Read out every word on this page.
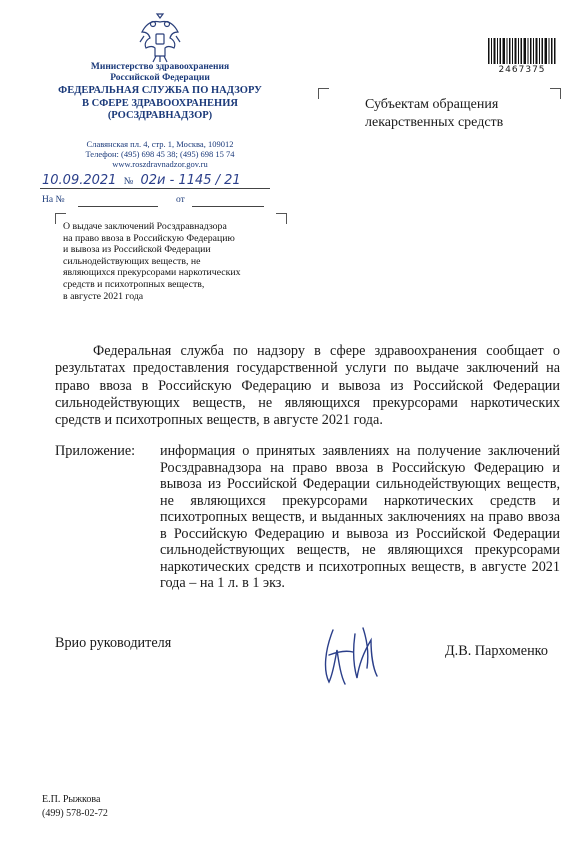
Министерство здравоохранения
Российской Федерации
ФЕДЕРАЛЬНАЯ СЛУЖБА ПО НАДЗОРУ
В СФЕРЕ ЗДРАВООХРАНЕНИЯ
(РОСЗДРАВНАДЗОР)
Славянская пл. 4, стр. 1, Москва, 109012
Телефон: (495) 698 45 38; (495) 698 15 74
www.roszdravnadzor.gov.ru
2467375
Субъектам обращения
лекарственных средств
10.09.2021 № 02и - 1145 / 21
На №	от
О выдаче заключений Росздравнадзора
на право ввоза в Российскую Федерацию
и вывоза из Российской Федерации
сильнодействующих веществ, не
являющихся прекурсорами наркотических
средств и психотропных веществ,
в августе 2021 года
Федеральная служба по надзору в сфере здравоохранения сообщает о результатах предоставления государственной услуги по выдаче заключений на право ввоза в Российскую Федерацию и вывоза из Российской Федерации сильнодействующих веществ, не являющихся прекурсорами наркотических средств и психотропных веществ, в августе 2021 года.
Приложение: информация о принятых заявлениях на получение заключений Росздравнадзора на право ввоза в Российскую Федерацию и вывоза из Российской Федерации сильнодействующих веществ, не являющихся прекурсорами наркотических средств и психотропных веществ, и выданных заключениях на право ввоза в Российскую Федерацию и вывоза из Российской Федерации сильнодействующих веществ, не являющихся прекурсорами наркотических средств и психотропных веществ, в августе 2021 года – на 1 л. в 1 экз.
Врио руководителя	Д.В. Пархоменко
Е.П. Рыжкова
(499) 578-02-72
